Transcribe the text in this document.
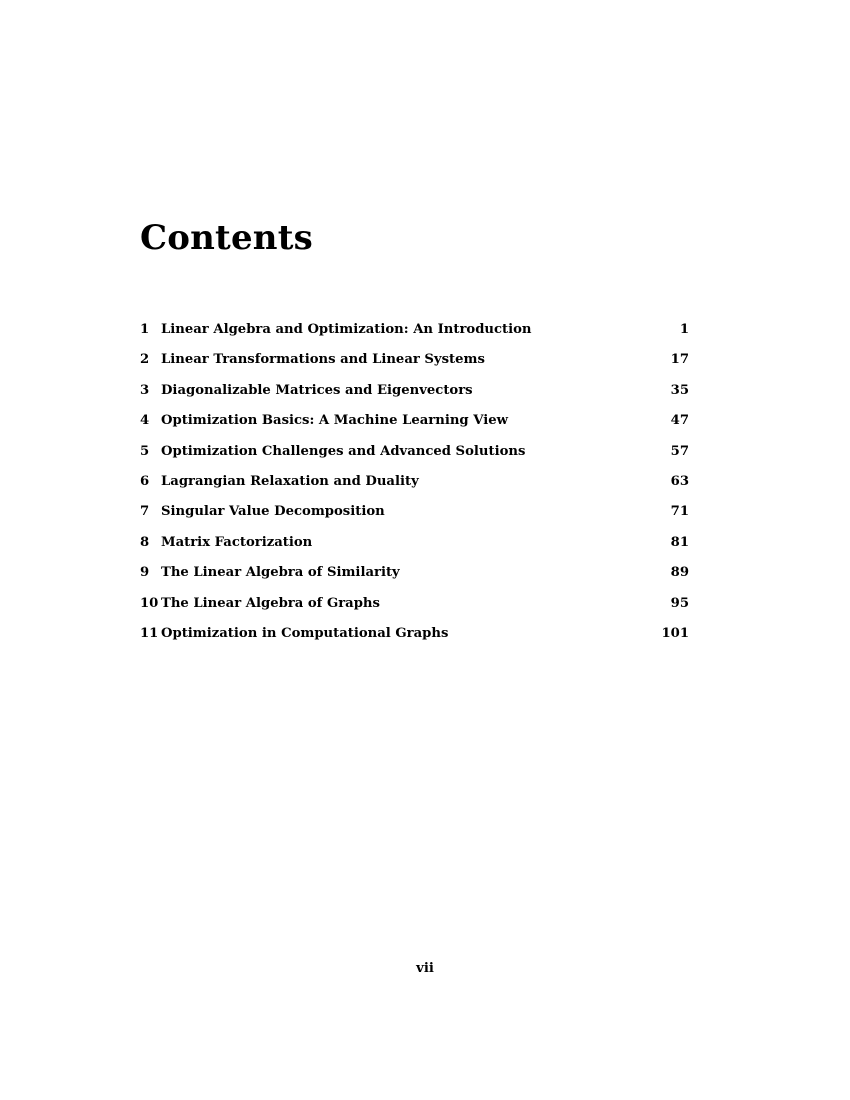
Contents
1 Linear Algebra and Optimization: An Introduction	1
2 Linear Transformations and Linear Systems	17
3 Diagonalizable Matrices and Eigenvectors	35
4 Optimization Basics: A Machine Learning View	47
5 Optimization Challenges and Advanced Solutions	57
6 Lagrangian Relaxation and Duality	63
7 Singular Value Decomposition	71
8 Matrix Factorization	81
9 The Linear Algebra of Similarity	89
10 The Linear Algebra of Graphs	95
11 Optimization in Computational Graphs	101
vii
